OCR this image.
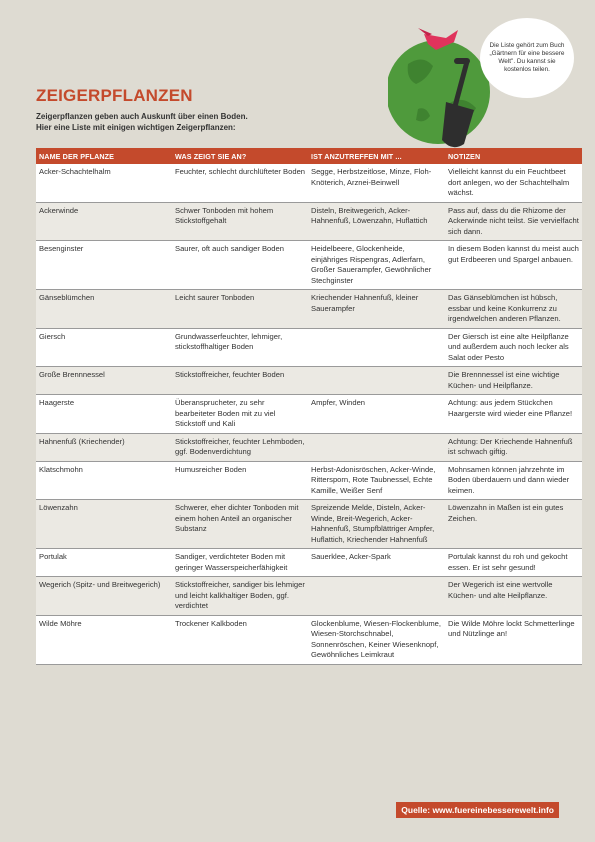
ZEIGERPFLANZEN
Zeigerpflanzen geben auch Auskunft über einen Boden.
Hier eine Liste mit einigen wichtigen Zeigerpflanzen:
Die Liste gehört zum Buch „Gärtnern für eine bessere Welt". Du kannst sie kostenlos teilen.
NAME DER PFLANZE	WAS ZEIGT SIE AN?	IST ANZUTREFFEN MIT ...	NOTIZEN
Acker-Schachtelhalm	Feuchter, schlecht durchlüfteter Boden	Segge, Herbstzeitlose, Minze, Floh-Knöterich, Arznei-Beinwell	Vielleicht kannst du ein Feuchtbeet dort anlegen, wo der Schachtelhalm wächst.
Ackerwinde	Schwer Tonboden mit hohem Stickstoffgehalt	Disteln, Breitwegerich, Acker-Hahnenfuß, Löwenzahn, Huflattich	Pass auf, dass du die Rhizome der Ackerwinde nicht teilst. Sie vervielfacht sich dann.
Besenginster	Saurer, oft auch sandiger Boden	Heidelbeere, Glockenheide, einjähriges Rispengras, Adlerfarn, Großer Sauerampfer, Gewöhnlicher Stechginster	In diesem Boden kannst du meist auch gut Erdbeeren und Spargel anbauen.
Gänseblümchen	Leicht saurer Tonboden	Kriechender Hahnenfuß, kleiner Sauerampfer	Das Gänseblümchen ist hübsch, essbar und keine Konkurrenz zu irgendwelchen anderen Pflanzen.
Giersch	Grundwasserfeuchter, lehmiger, stickstoffhaltiger Boden		Der Giersch ist eine alte Heilpflanze und außerdem auch noch lecker als Salat oder Pesto
Große Brennnessel	Stickstoffreicher, feuchter Boden		Die Brennnessel ist eine wichtige Küchen- und Heilpflanze.
Haagerste	Überansprucheter, zu sehr bearbeiteter Boden mit zu viel Stickstoff und Kali	Ampfer, Winden	Achtung: aus jedem Stückchen Haargerste wird wieder eine Pflanze!
Hahnenfuß (Kriechender)	Stickstoffreicher, feuchter Lehmboden, ggf. Bodenverdichtung		Achtung: Der Kriechende Hahnenfuß ist schwach giftig.
Klatschmohn	Humusreicher Boden	Herbst-Adonisröschen, Acker-Winde, Rittersporn, Rote Taubnessel, Echte Kamille, Weißer Senf	Mohnsamen können jahrzehnte im Boden überdauern und dann wieder keimen.
Löwenzahn	Schwerer, eher dichter Tonboden mit einem hohen Anteil an organischer Substanz	Spreizende Melde, Disteln, Acker-Winde, Breit-Wegerich, Acker-Hahnenfuß, Stumpfblättriger Ampfer, Huflattich, Kriechender Hahnenfuß	Löwenzahn in Maßen ist ein gutes Zeichen.
Portulak	Sandiger, verdichteter Boden mit geringer Wasserspeicherfähigkeit	Sauerklee, Acker-Spark	Portulak kannst du roh und gekocht essen. Er ist sehr gesund!
Wegerich (Spitz- und Breitwegerich)	Stickstoffreicher, sandiger bis lehmiger und leicht kalkhaltiger Boden, ggf. verdichtet		Der Wegerich ist eine wertvolle Küchen- und alte Heilpflanze.
Wilde Möhre	Trockener Kalkboden	Glockenblume, Wiesen-Flockenblume, Wiesen-Storchschnabel, Sonnenröschen, Keiner Wiesenknopf, Gewöhnliches Leimkraut	Die Wilde Möhre lockt Schmetterlinge und Nützlinge an!
Quelle: www.fuereinebesserewelt.info
